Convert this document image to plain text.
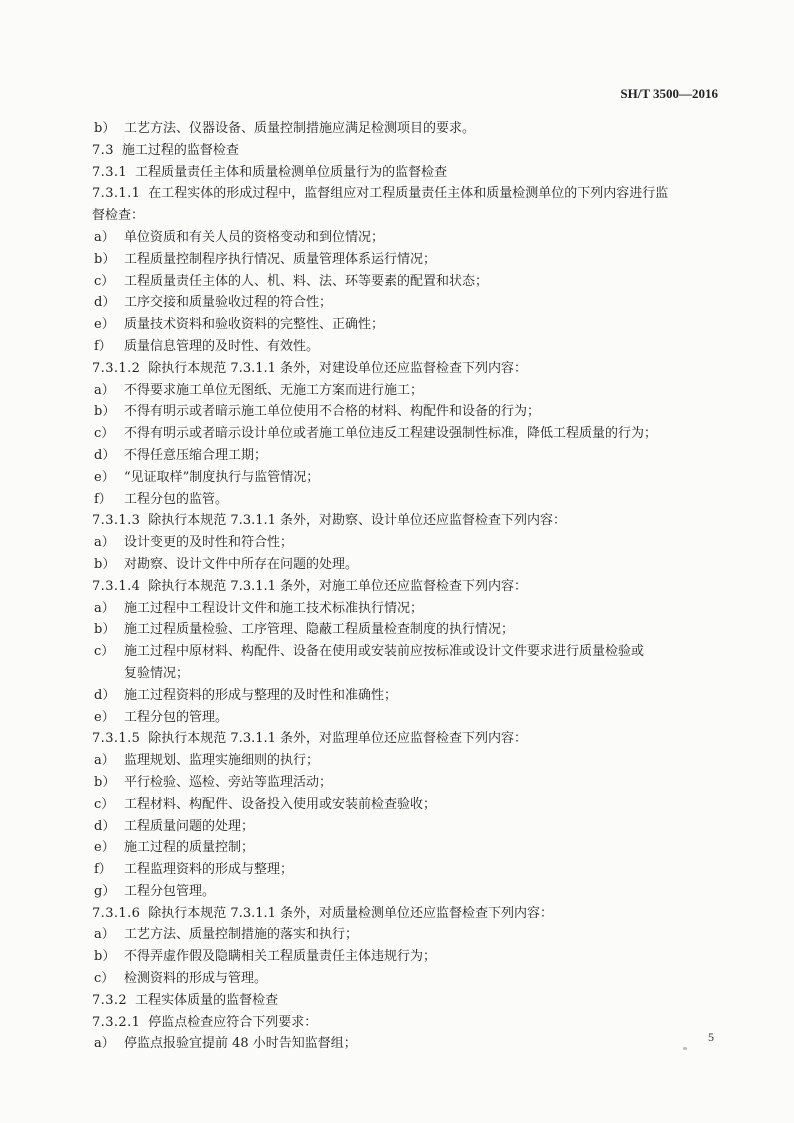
SH/T 3500—2016
b） 工艺方法、仪器设备、质量控制措施应满足检测项目的要求。
7.3 施工过程的监督检查
7.3.1 工程质量责任主体和质量检测单位质量行为的监督检查
7.3.1.1 在工程实体的形成过程中，监督组应对工程质量责任主体和质量检测单位的下列内容进行监
督检查：
a） 单位资质和有关人员的资格变动和到位情况；
b） 工程质量控制程序执行情况、质量管理体系运行情况；
c） 工程质量责任主体的人、机、料、法、环等要素的配置和状态；
d） 工序交接和质量验收过程的符合性；
e） 质量技术资料和验收资料的完整性、正确性；
f） 质量信息管理的及时性、有效性。
7.3.1.2 除执行本规范 7.3.1.1 条外，对建设单位还应监督检查下列内容：
a） 不得要求施工单位无图纸、无施工方案而进行施工；
b） 不得有明示或者暗示施工单位使用不合格的材料、构配件和设备的行为；
c） 不得有明示或者暗示设计单位或者施工单位违反工程建设强制性标准，降低工程质量的行为；
d） 不得任意压缩合理工期；
e） “见证取样”制度执行与监管情况；
f） 工程分包的监管。
7.3.1.3 除执行本规范 7.3.1.1 条外，对勘察、设计单位还应监督检查下列内容：
a） 设计变更的及时性和符合性；
b） 对勘察、设计文件中所存在问题的处理。
7.3.1.4 除执行本规范 7.3.1.1 条外，对施工单位还应监督检查下列内容：
a） 施工过程中工程设计文件和施工技术标准执行情况；
b） 施工过程质量检验、工序管理、隐蔽工程质量检查制度的执行情况；
c） 施工过程中原材料、构配件、设备在使用或安装前应按标准或设计文件要求进行质量检验或
复验情况；
d） 施工过程资料的形成与整理的及时性和准确性；
e） 工程分包的管理。
7.3.1.5 除执行本规范 7.3.1.1 条外，对监理单位还应监督检查下列内容：
a） 监理规划、监理实施细则的执行；
b） 平行检验、巡检、旁站等监理活动；
c） 工程材料、构配件、设备投入使用或安装前检查验收；
d） 工程质量问题的处理；
e） 施工过程的质量控制；
f） 工程监理资料的形成与整理；
g） 工程分包管理。
7.3.1.6 除执行本规范 7.3.1.1 条外，对质量检测单位还应监督检查下列内容：
a） 工艺方法、质量控制措施的落实和执行；
b） 不得弄虚作假及隐瞒相关工程质量责任主体违规行为；
c） 检测资料的形成与管理。
7.3.2 工程实体质量的监督检查
7.3.2.1 停监点检查应符合下列要求：
a） 停监点报验宜提前 48 小时告知监督组；	5
